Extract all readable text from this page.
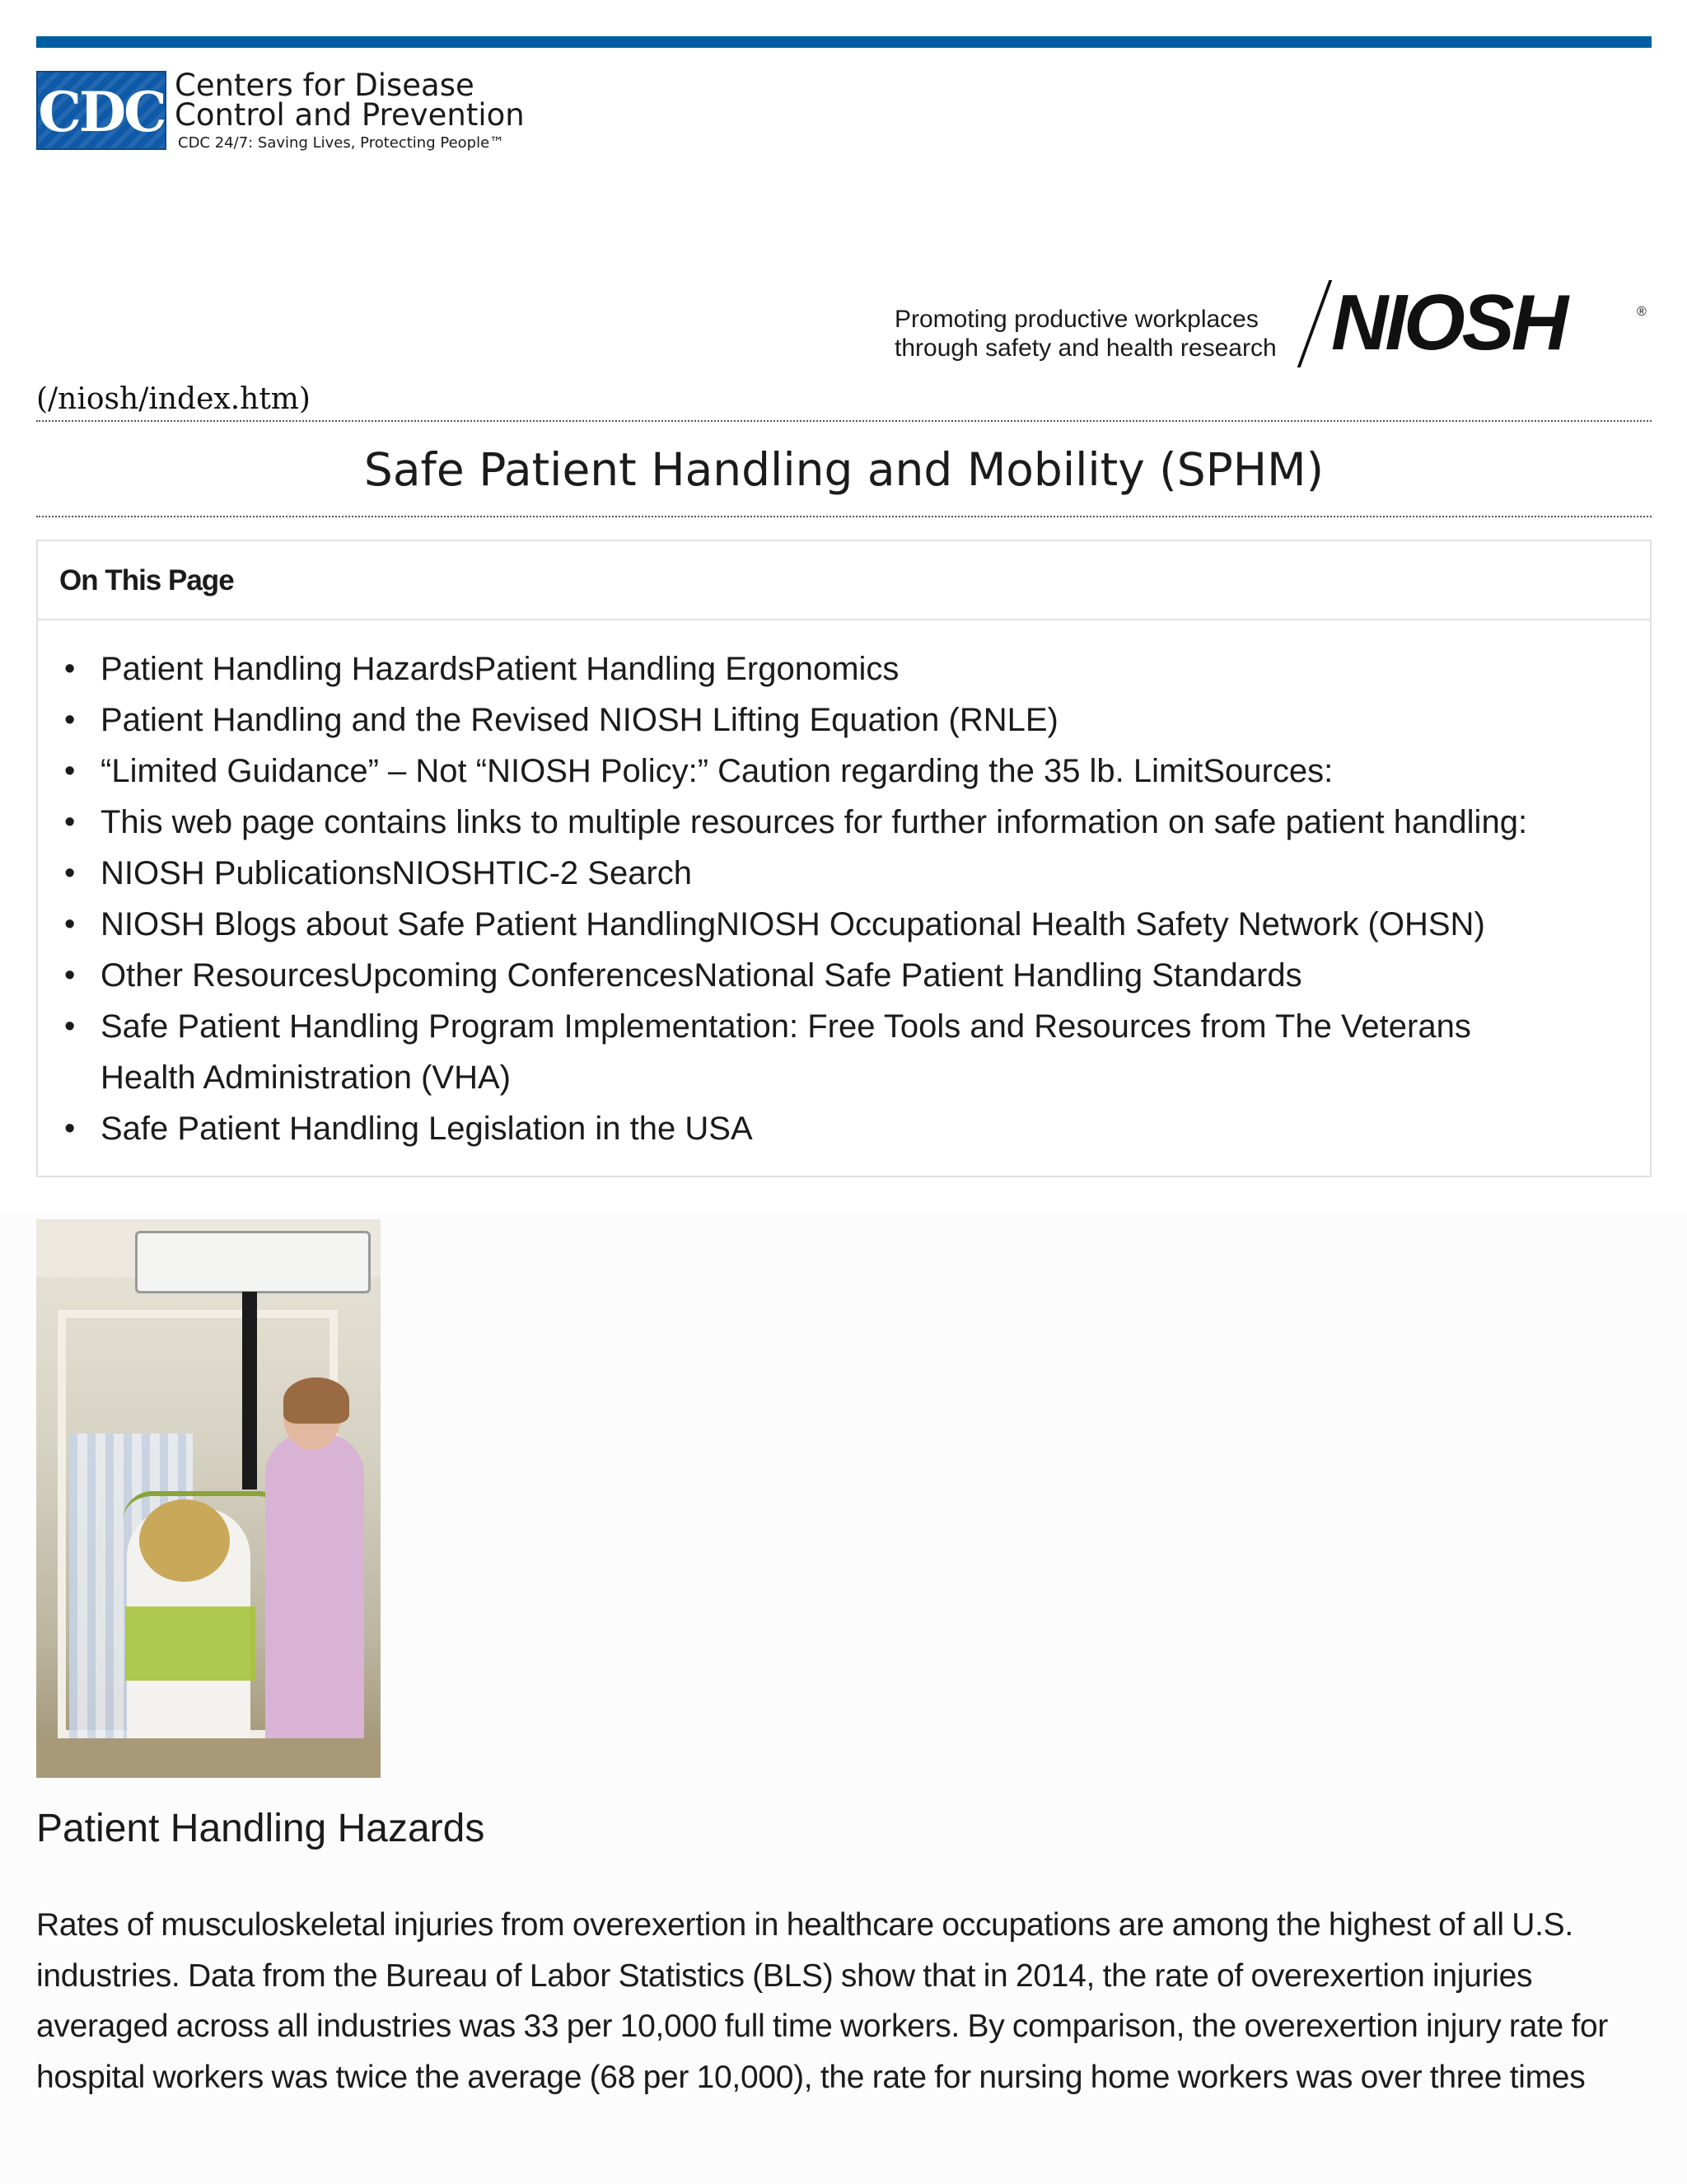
CDC Centers for Disease
Control and Prevention
CDC 24/7: Saving Lives, Protecting People™
Promoting productive workplaces
through safety and health research NIOSH	®
(/niosh/index.htm)
Safe Patient Handling and Mobility (SPHM)
On This Page
• Patient Handling HazardsPatient Handling Ergonomics
• Patient Handling and the Revised NIOSH Lifting Equation (RNLE)
• “Limited Guidance” – Not “NIOSH Policy:” Caution regarding the 35 lb. LimitSources:
• This web page contains links to multiple resources for further information on safe patient handling:
• NIOSH PublicationsNIOSHTIC-2 Search
• NIOSH Blogs about Safe Patient HandlingNIOSH Occupational Health Safety Network (OHSN)
• Other ResourcesUpcoming ConferencesNational Safe Patient Handling Standards
• Safe Patient Handling Program Implementation: Free Tools and Resources from The Veterans Health Administration (VHA)
• Safe Patient Handling Legislation in the USA
Patient Handling Hazards

Rates of musculoskeletal injuries from overexertion in healthcare occupations are among the highest of all U.S. industries. Data from the Bureau of Labor Statistics (BLS) show that in 2014, the rate of overexertion injuries averaged across all industries was 33 per 10,000 full time workers. By comparison, the overexertion injury rate for hospital workers was twice the average (68 per 10,000), the rate for nursing home workers was over three times
